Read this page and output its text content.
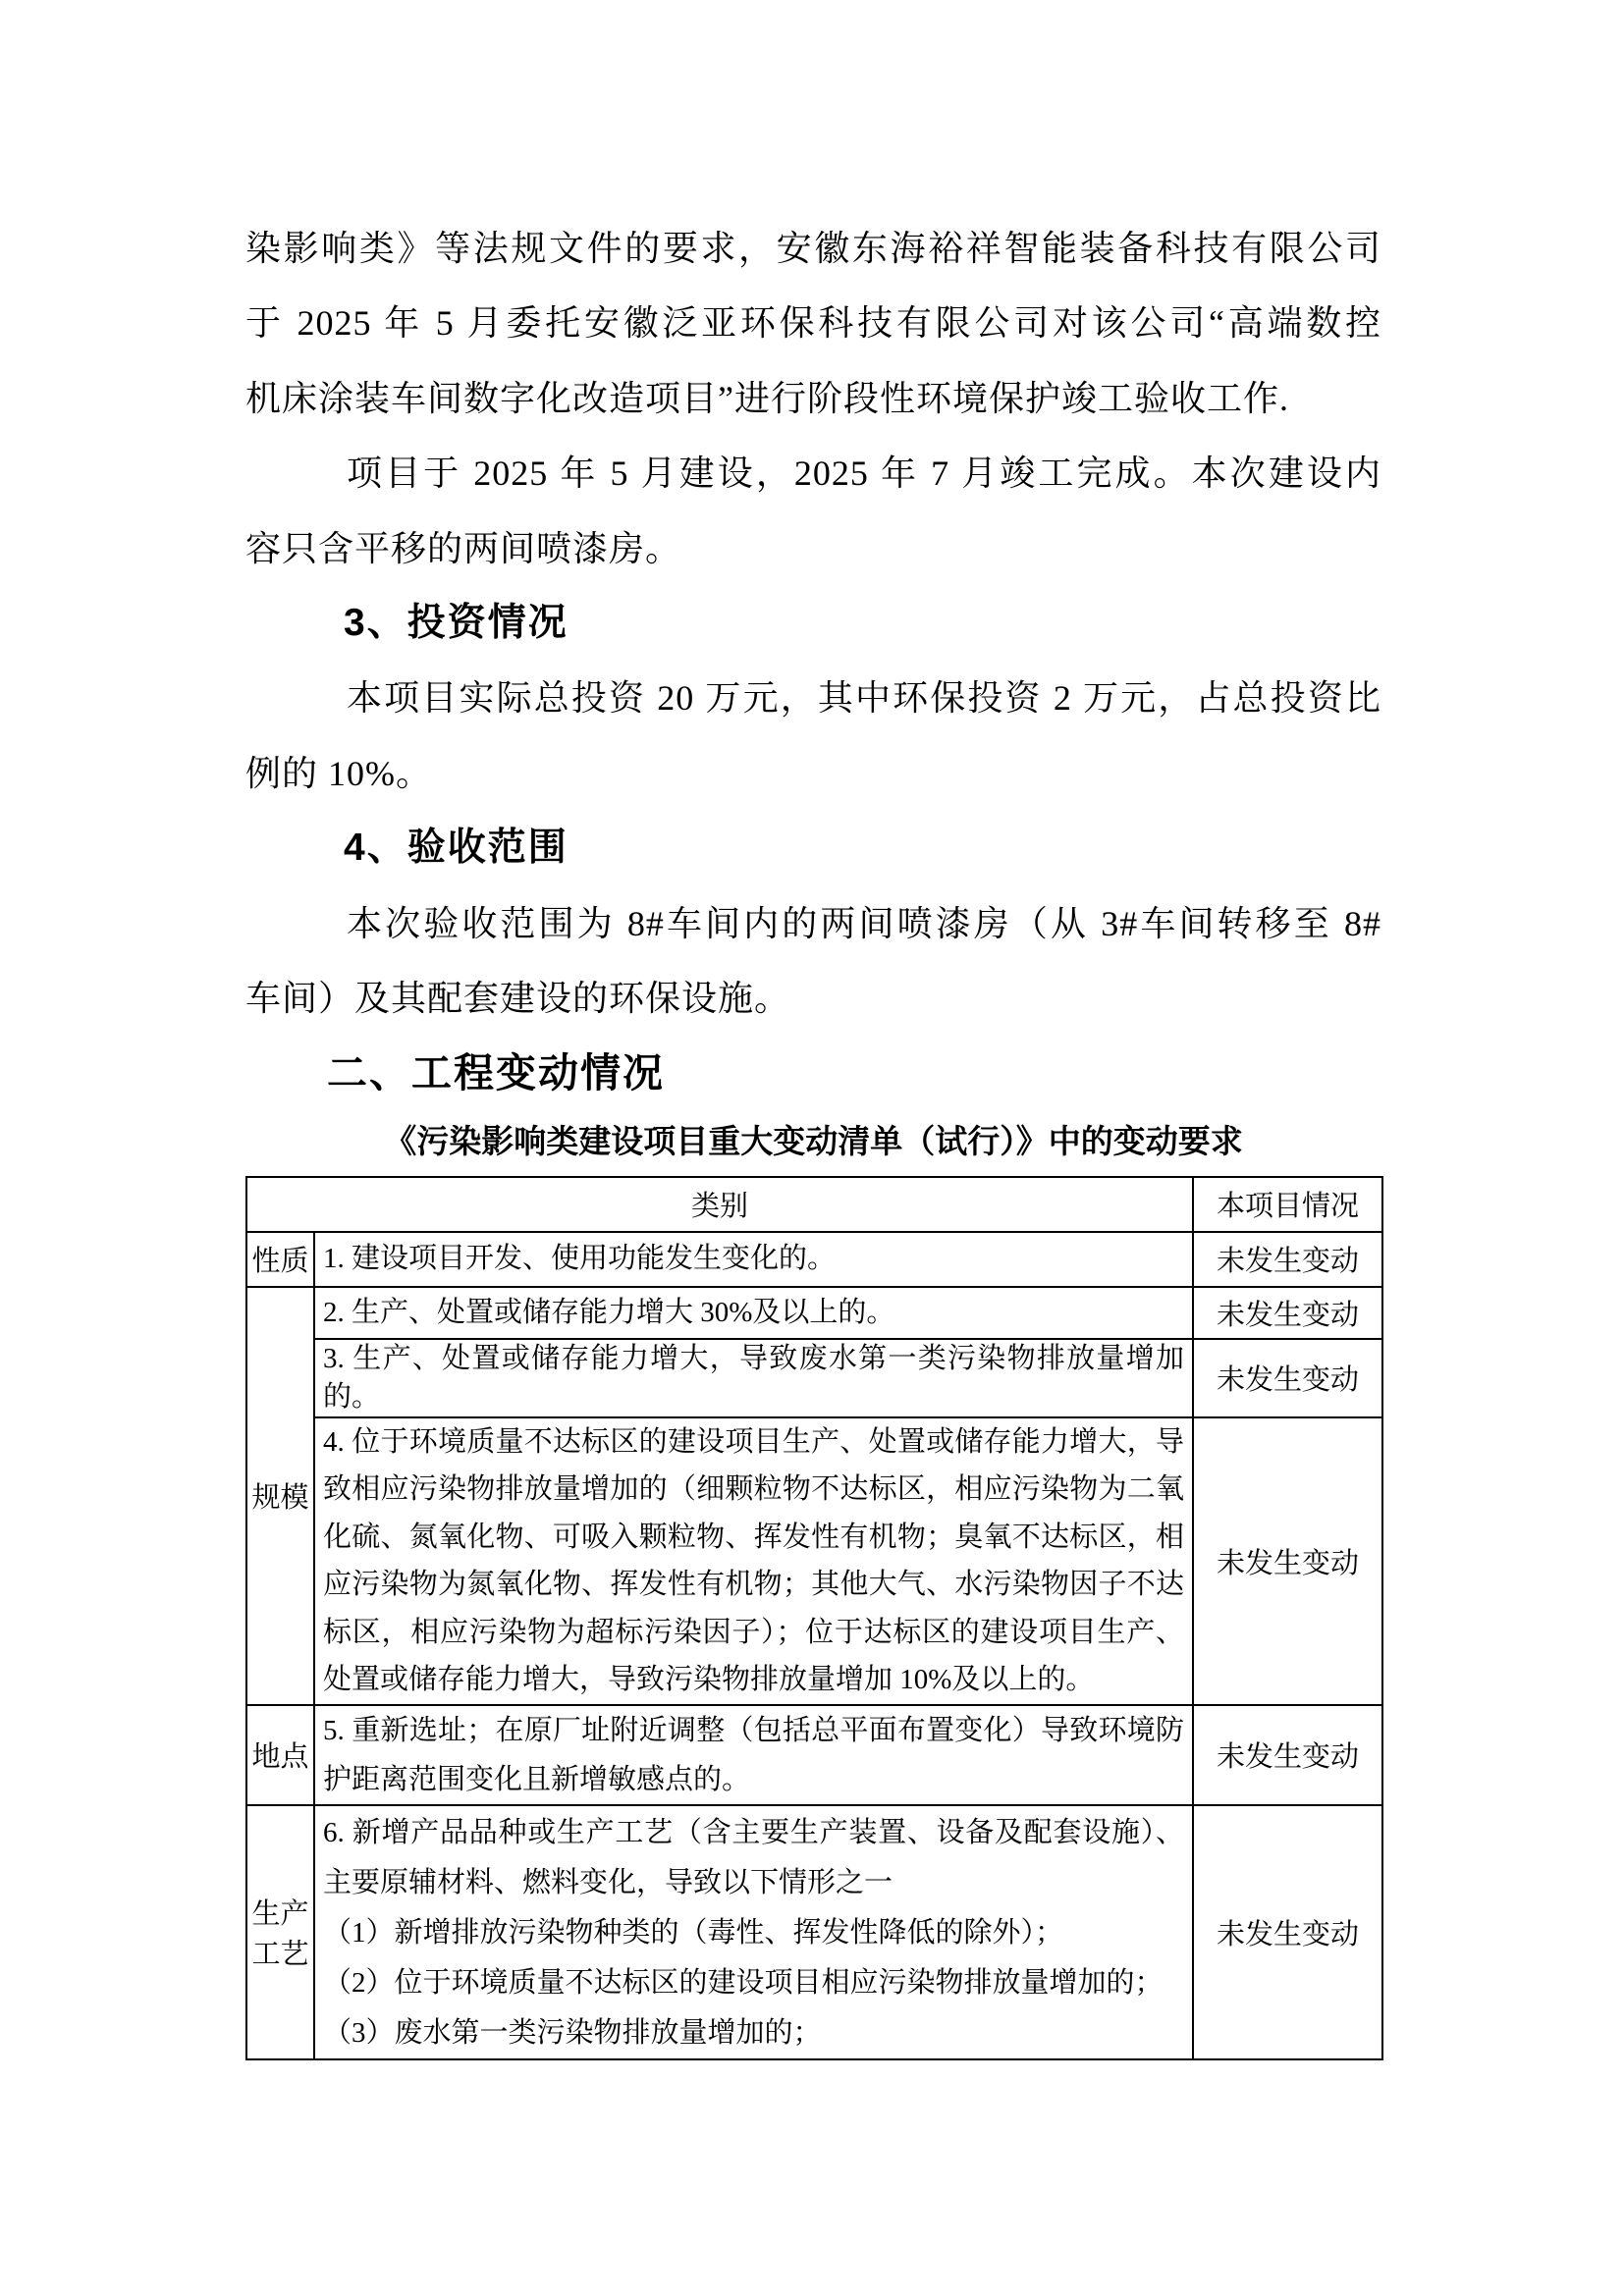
染影响类》等法规文件的要求，安徽东海裕祥智能装备科技有限公司
于 2025 年 5 月委托安徽泛亚环保科技有限公司对该公司“高端数控
机床涂装车间数字化改造项目”进行阶段性环境保护竣工验收工作.
项目于 2025 年 5 月建设，2025 年 7 月竣工完成。本次建设内
容只含平移的两间喷漆房。
3、投资情况
本项目实际总投资 20 万元，其中环保投资 2 万元，占总投资比
例的 10%。
4、验收范围
本次验收范围为 8#车间内的两间喷漆房（从 3#车间转移至 8#
车间）及其配套建设的环保设施。
二、工程变动情况
《污染影响类建设项目重大变动清单（试行）》中的变动要求
类别		本项目情况
性质	1. 建设项目开发、使用功能发生变化的。	未发生变动
规模	2. 生产、处置或储存能力增大 30%及以上的。	未发生变动
	3. 生产、处置或储存能力增大，导致废水第一类污染物排放量增加的。	未发生变动
	4. 位于环境质量不达标区的建设项目生产、处置或储存能力增大，导致相应污染物排放量增加的（细颗粒物不达标区，相应污染物为二氧化硫、氮氧化物、可吸入颗粒物、挥发性有机物；臭氧不达标区，相应污染物为氮氧化物、挥发性有机物；其他大气、水污染物因子不达标区，相应污染物为超标污染因子）；位于达标区的建设项目生产、处置或储存能力增大，导致污染物排放量增加 10%及以上的。	未发生变动
地点	5. 重新选址；在原厂址附近调整（包括总平面布置变化）导致环境防护距离范围变化且新增敏感点的。	未发生变动
生产工艺	6. 新增产品品种或生产工艺（含主要生产装置、设备及配套设施）、主要原辅材料、燃料变化，导致以下情形之一
（1）新增排放污染物种类的（毒性、挥发性降低的除外）；
（2）位于环境质量不达标区的建设项目相应污染物排放量增加的；
（3）废水第一类污染物排放量增加的；	未发生变动
